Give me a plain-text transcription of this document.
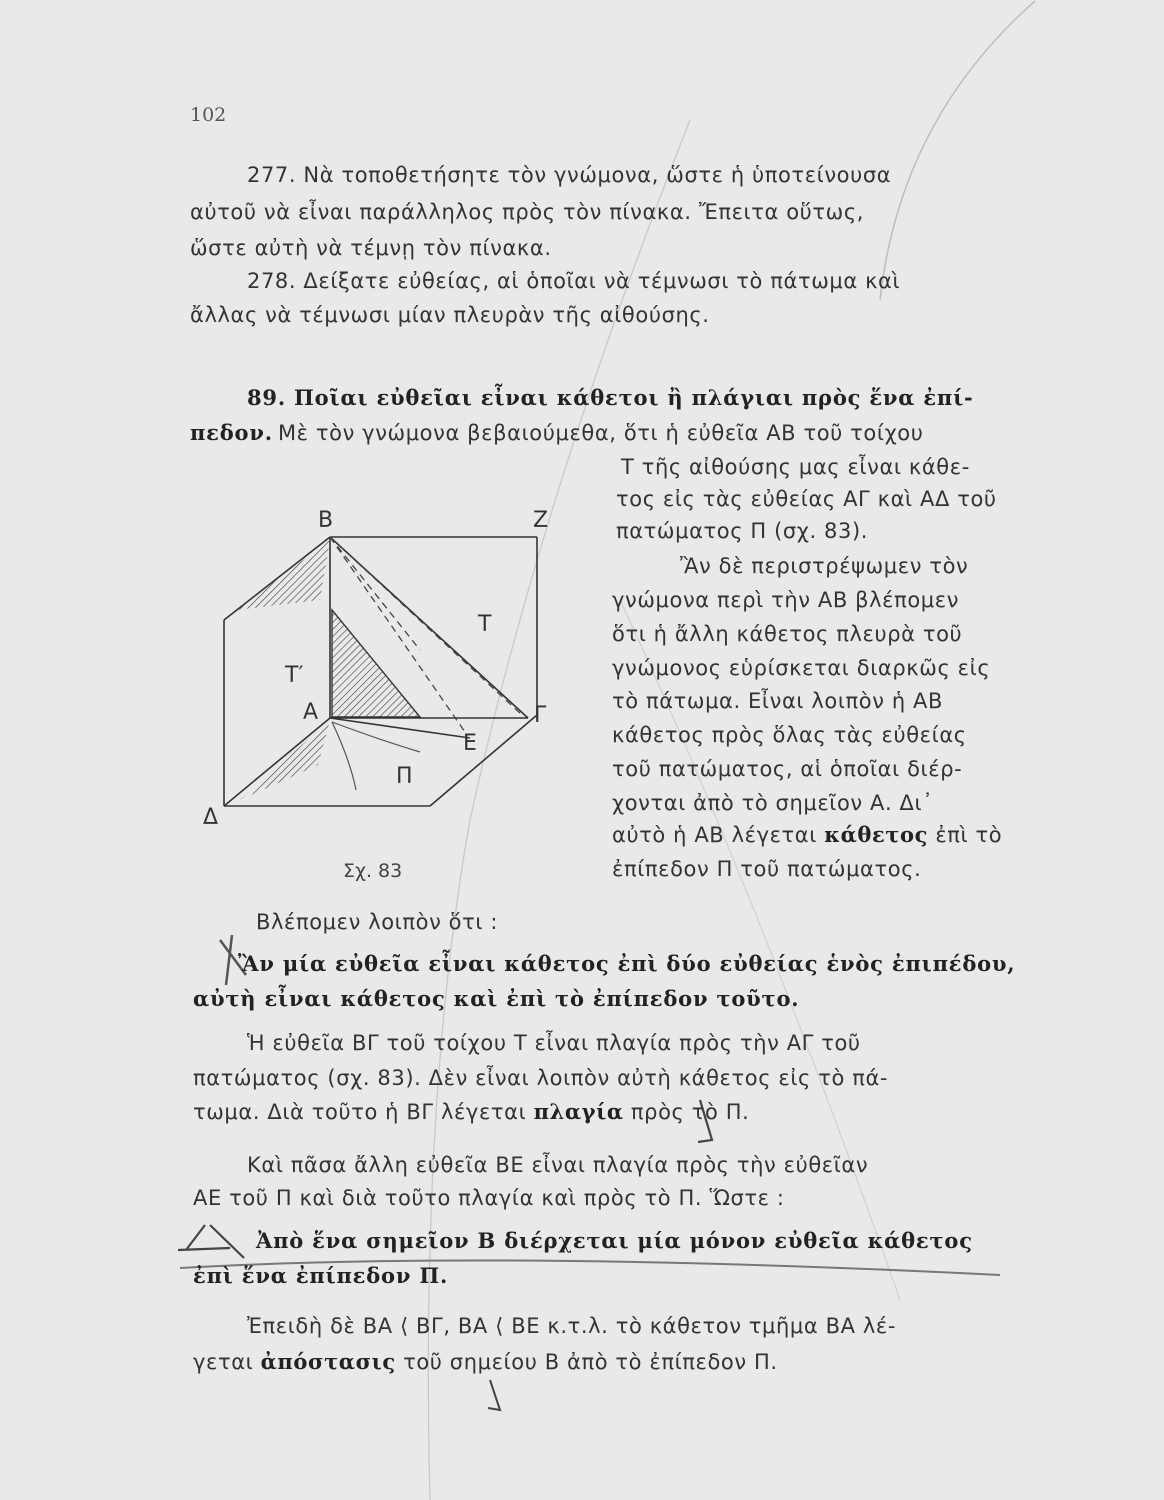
102
277. Νὰ τοποθετήσητε τὸν γνώμονα, ὥστε ἡ ὑποτείνουσα
αὐτοῦ νὰ εἶναι παράλληλος πρὸς τὸν πίνακα. Ἔπειτα οὕτως,
ὥστε αὐτὴ νὰ τέμνῃ τὸν πίνακα.
278. Δείξατε εὐθείας, αἱ ὁποῖαι νὰ τέμνωσι τὸ πάτωμα καὶ
ἄλλας νὰ τέμνωσι μίαν πλευρὰν τῆς αἰθούσης.
89. Ποῖαι εὐθεῖαι εἶναι κάθετοι ἢ πλάγιαι πρὸς ἕνα ἐπί-
πεδον. Μὲ τὸν γνώμονα βεβαιούμεθα, ὅτι ἡ εὐθεῖα ΑΒ τοῦ τοίχου
Τ τῆς αἰθούσης μας εἶναι κάθε-
τος εἰς τὰς εὐθείας ΑΓ καὶ ΑΔ τοῦ
πατώματος Π (σχ. 83).
Ἂν δὲ περιστρέψωμεν τὸν
γνώμονα περὶ τὴν ΑΒ βλέπομεν
ὅτι ἡ ἄλλη κάθετος πλευρὰ τοῦ
γνώμονος εὑρίσκεται διαρκῶς εἰς
τὸ πάτωμα. Εἶναι λοιπὸν ἡ ΑΒ
κάθετος πρὸς ὅλας τὰς εὐθείας
τοῦ πατώματος, αἱ ὁποῖαι διέρ-
χονται ἀπὸ τὸ σημεῖον Α. Δι᾽
αὐτὸ ἡ ΑΒ λέγεται κάθετος ἐπὶ τὸ
ἐπίπεδον Π τοῦ πατώματος.
Β	Ζ
Τ
Τ′
Α	Γ
Ε
Π
Δ
Σχ. 83
Βλέπομεν λοιπὸν ὅτι :
Ἂν μία εὐθεῖα εἶναι κάθετος ἐπὶ δύο εὐθείας ἑνὸς ἐπιπέδου,
αὐτὴ εἶναι κάθετος καὶ ἐπὶ τὸ ἐπίπεδον τοῦτο.
Ἡ εὐθεῖα ΒΓ τοῦ τοίχου Τ εἶναι πλαγία πρὸς τὴν ΑΓ τοῦ
πατώματος (σχ. 83). Δὲν εἶναι λοιπὸν αὐτὴ κάθετος εἰς τὸ πά-
τωμα. Διὰ τοῦτο ἡ ΒΓ λέγεται πλαγία πρὸς τὸ Π.
Καὶ πᾶσα ἄλλη εὐθεῖα ΒΕ εἶναι πλαγία πρὸς τὴν εὐθεῖαν
ΑΕ τοῦ Π καὶ διὰ τοῦτο πλαγία καὶ πρὸς τὸ Π. Ὥστε :
Ἀπὸ ἕνα σημεῖον Β διέρχεται μία μόνον εὐθεῖα κάθετος
ἐπὶ ἕνα ἐπίπεδον Π.
Ἐπειδὴ δὲ ΒΑ ⟨ ΒΓ, ΒΑ ⟨ ΒΕ κ.τ.λ. τὸ κάθετον τμῆμα ΒΑ λέ-
γεται ἀπόστασις τοῦ σημείου Β ἀπὸ τὸ ἐπίπεδον Π.
